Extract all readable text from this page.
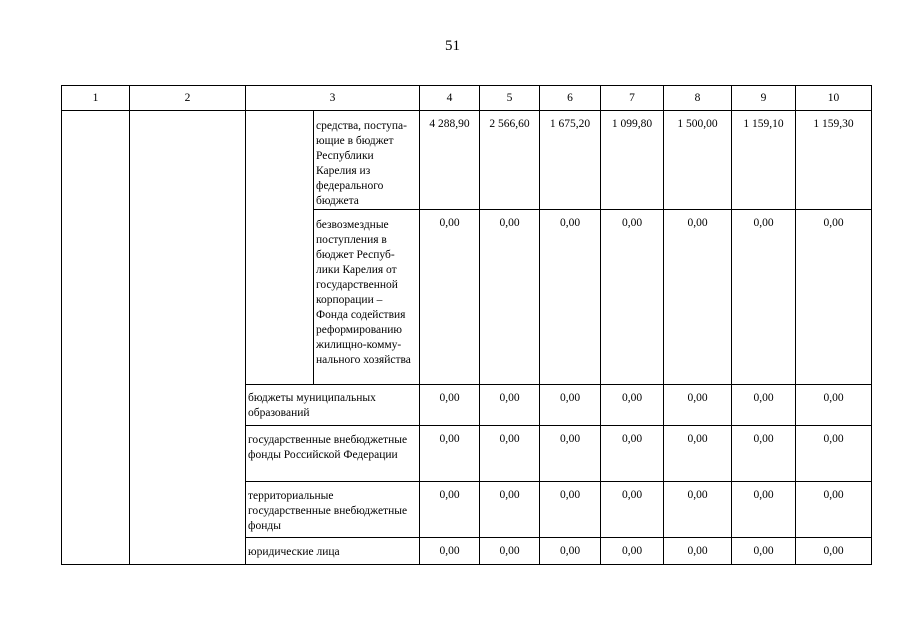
51
1	2	3		4	5	6	7	8	9	10
			средства, поступа-ющие в бюджет Республики Карелия из федерального бюджета	4 288,90	2 566,60	1 675,20	1 099,80	1 500,00	1 159,10	1 159,30
			безвозмездные поступления в бюджет Респуб-лики Карелия от государственной корпорации – Фонда содействия реформированию жилищно-комму-нального хозяйства	0,00	0,00	0,00	0,00	0,00	0,00	0,00
		бюджеты муниципальных образований		0,00	0,00	0,00	0,00	0,00	0,00	0,00
		государственные внебюджетные фонды Российской Федерации		0,00	0,00	0,00	0,00	0,00	0,00	0,00
		территориальные государственные внебюджетные фонды		0,00	0,00	0,00	0,00	0,00	0,00	0,00
		юридические лица		0,00	0,00	0,00	0,00	0,00	0,00	0,00
